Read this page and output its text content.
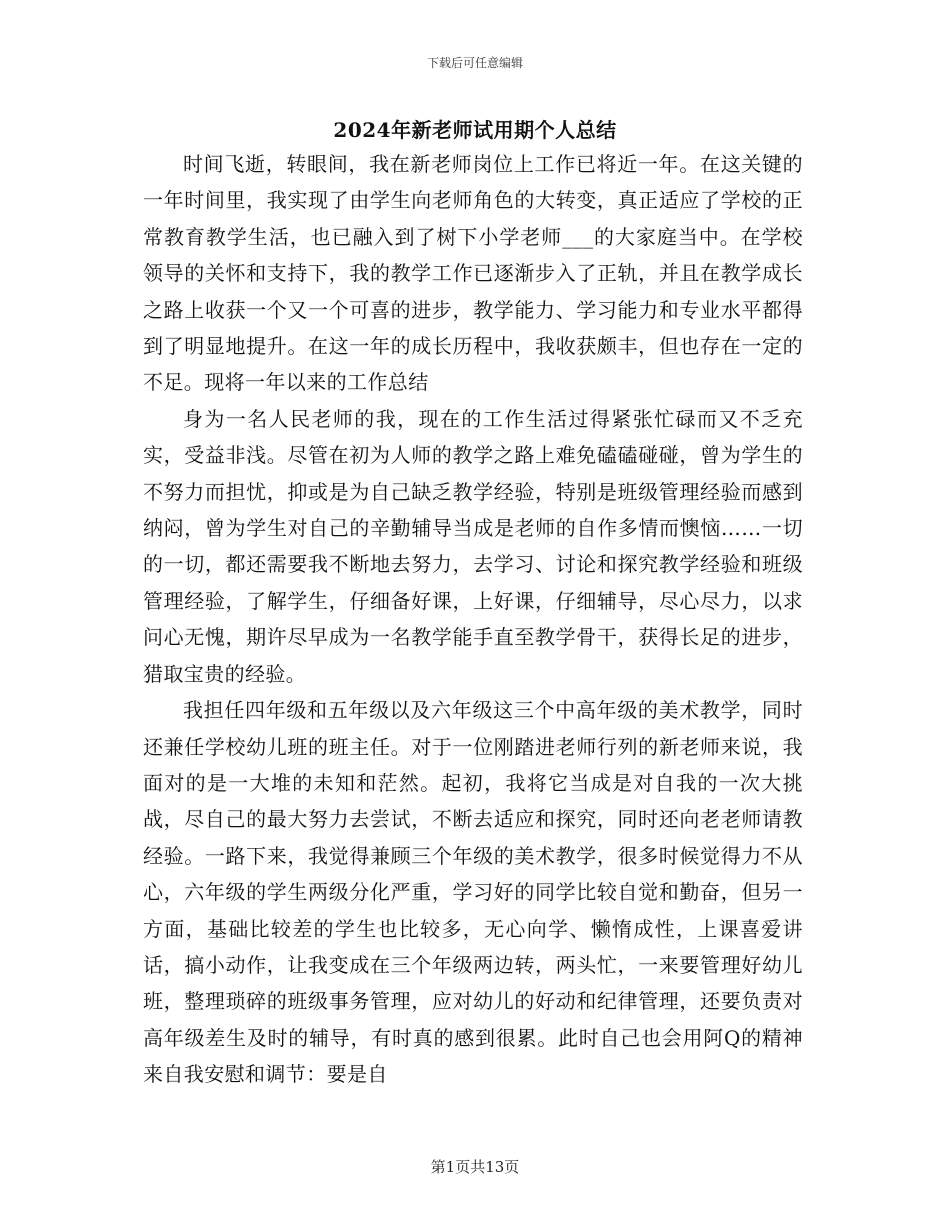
下载后可任意编辑
2024年新老师试用期个人总结

时间飞逝，转眼间，我在新老师岗位上工作已将近一年。在这关键的一年时间里，我实现了由学生向老师角色的大转变，真正适应了学校的正常教育教学生活，也已融入到了树下小学老师___的大家庭当中。在学校领导的关怀和支持下，我的教学工作已逐渐步入了正轨，并且在教学成长之路上收获一个又一个可喜的进步，教学能力、学习能力和专业水平都得到了明显地提升。在这一年的成长历程中，我收获颇丰，但也存在一定的不足。现将一年以来的工作总结

身为一名人民老师的我，现在的工作生活过得紧张忙碌而又不乏充实，受益非浅。尽管在初为人师的教学之路上难免磕磕碰碰，曾为学生的不努力而担忧，抑或是为自己缺乏教学经验，特别是班级管理经验而感到纳闷，曾为学生对自己的辛勤辅导当成是老师的自作多情而懊恼……一切的一切，都还需要我不断地去努力，去学习、讨论和探究教学经验和班级管理经验，了解学生，仔细备好课，上好课，仔细辅导，尽心尽力，以求问心无愧，期许尽早成为一名教学能手直至教学骨干，获得长足的进步，猎取宝贵的经验。

我担任四年级和五年级以及六年级这三个中高年级的美术教学，同时还兼任学校幼儿班的班主任。对于一位刚踏进老师行列的新老师来说，我面对的是一大堆的未知和茫然。起初，我将它当成是对自我的一次大挑战，尽自己的最大努力去尝试，不断去适应和探究，同时还向老老师请教经验。一路下来，我觉得兼顾三个年级的美术教学，很多时候觉得力不从心，六年级的学生两级分化严重，学习好的同学比较自觉和勤奋，但另一方面，基础比较差的学生也比较多，无心向学、懒惰成性，上课喜爱讲话，搞小动作，让我变成在三个年级两边转，两头忙，一来要管理好幼儿班，整理琐碎的班级事务管理，应对幼儿的好动和纪律管理，还要负责对高年级差生及时的辅导，有时真的感到很累。此时自己也会用阿Q的精神来自我安慰和调节：要是自

第1页共13页
